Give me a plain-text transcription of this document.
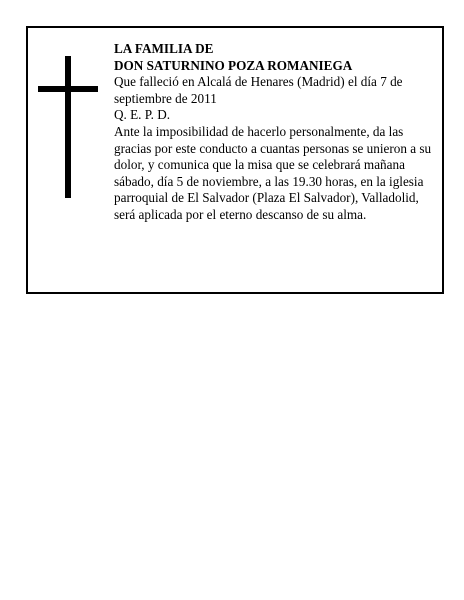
LA FAMILIA DE

DON SATURNINO POZA ROMANIEGA

Que falleció en Alcalá de Henares (Madrid) el día 7 de septiembre de 2011

Q. E. P. D.

Ante la imposibilidad de hacerlo personalmente, da las gracias por este conducto a cuantas personas se unieron a su dolor, y comunica que la misa que se celebrará mañana sábado, día 5 de noviembre, a las 19.30 horas, en la iglesia parroquial de El Salvador (Plaza El Salvador), Valladolid, será aplicada por el eterno descanso de su alma.
